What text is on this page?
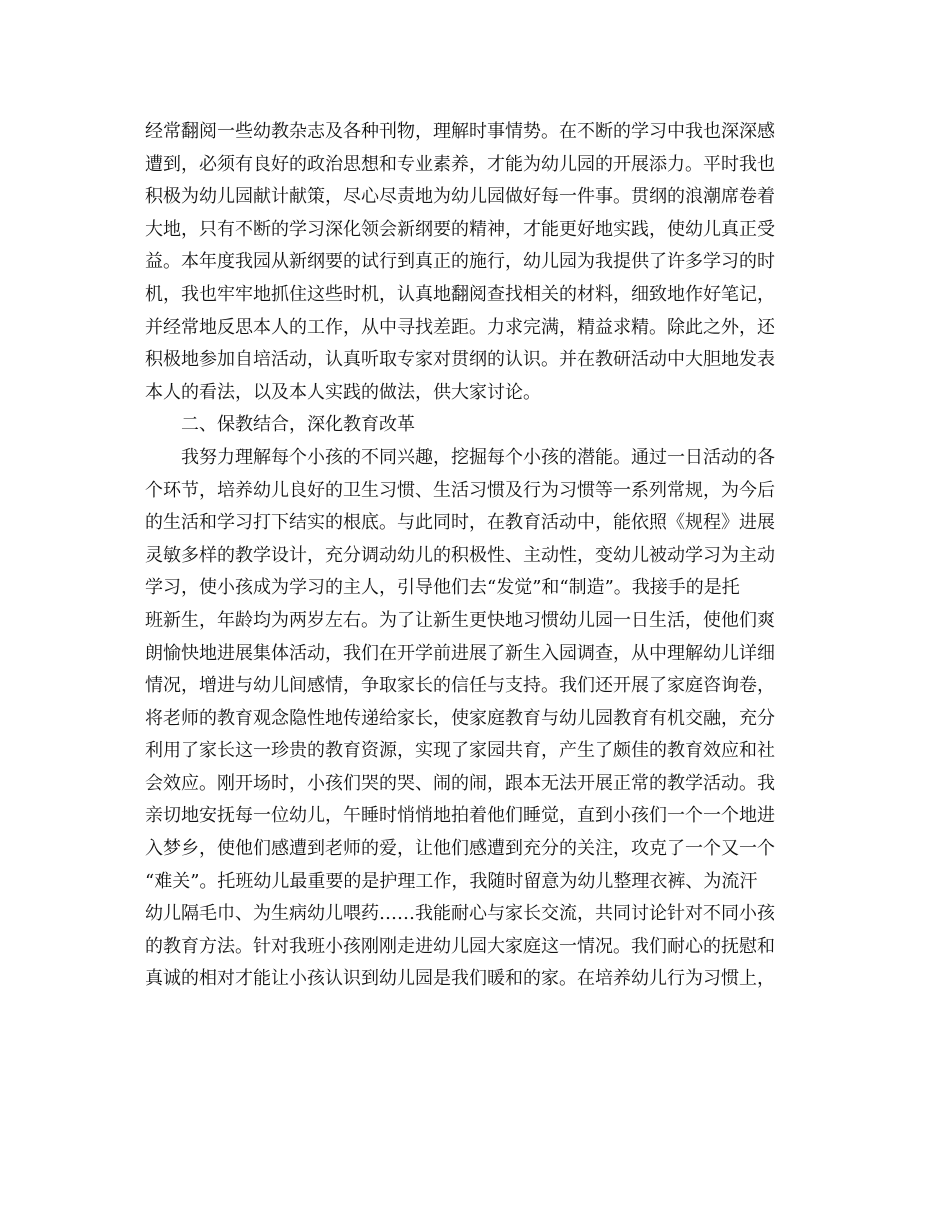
经常翻阅一些幼教杂志及各种刊物，理解时事情势。在不断的学习中我也深深感
遭到，必须有良好的政治思想和专业素养，才能为幼儿园的开展添力。平时我也
积极为幼儿园献计献策，尽心尽责地为幼儿园做好每一件事。贯纲的浪潮席卷着
大地，只有不断的学习深化领会新纲要的精神，才能更好地实践，使幼儿真正受
益。本年度我园从新纲要的试行到真正的施行，幼儿园为我提供了许多学习的时
机，我也牢牢地抓住这些时机，认真地翻阅查找相关的材料，细致地作好笔记，
并经常地反思本人的工作，从中寻找差距。力求完满，精益求精。除此之外，还
积极地参加自培活动，认真听取专家对贯纲的认识。并在教研活动中大胆地发表
本人的看法，以及本人实践的做法，供大家讨论。
二、保教结合，深化教育改革
我努力理解每个小孩的不同兴趣，挖掘每个小孩的潜能。通过一日活动的各
个环节，培养幼儿良好的卫生习惯、生活习惯及行为习惯等一系列常规，为今后
的生活和学习打下结实的根底。与此同时，在教育活动中，能依照《规程》进展
灵敏多样的教学设计，充分调动幼儿的积极性、主动性，变幼儿被动学习为主动
学习，使小孩成为学习的主人，引导他们去“发觉”和“制造”。我接手的是托
班新生，年龄均为两岁左右。为了让新生更快地习惯幼儿园一日生活，使他们爽
朗愉快地进展集体活动，我们在开学前进展了新生入园调查，从中理解幼儿详细
情况，增进与幼儿间感情，争取家长的信任与支持。我们还开展了家庭咨询卷，
将老师的教育观念隐性地传递给家长，使家庭教育与幼儿园教育有机交融，充分
利用了家长这一珍贵的教育资源，实现了家园共育，产生了颇佳的教育效应和社
会效应。刚开场时，小孩们哭的哭、闹的闹，跟本无法开展正常的教学活动。我
亲切地安抚每一位幼儿，午睡时悄悄地拍着他们睡觉，直到小孩们一个一个地进
入梦乡，使他们感遭到老师的爱，让他们感遭到充分的关注，攻克了一个又一个
“难关”。托班幼儿最重要的是护理工作，我随时留意为幼儿整理衣裤、为流汗
幼儿隔毛巾、为生病幼儿喂药……我能耐心与家长交流，共同讨论针对不同小孩
的教育方法。针对我班小孩刚刚走进幼儿园大家庭这一情况。我们耐心的抚慰和
真诚的相对才能让小孩认识到幼儿园是我们暖和的家。在培养幼儿行为习惯上，
